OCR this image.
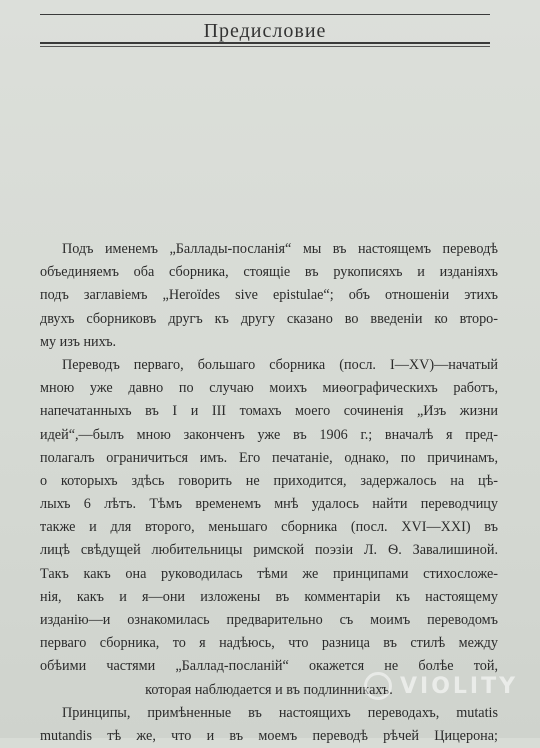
Предисловие
Подъ именемъ „Баллады-посланія“ мы въ настоящемъ переводѣ
объединяемъ оба сборника, стоящіе въ рукописяхъ и изданіяхъ
подъ заглавіемъ „Heroïdes sive epistulae“; объ отношеніи этихъ
двухъ сборниковъ другъ къ другу сказано во введеніи ко второ-
му изъ нихъ.
Переводъ перваго, большаго сборника (посл. I—XV)—начатый
мною уже давно по случаю моихъ миѳографическихъ работъ,
напечатанныхъ въ I и III томахъ моего сочиненія „Изъ жизни
идей“,—былъ мною законченъ уже въ 1906 г.; вначалѣ я пред-
полагалъ ограничиться имъ. Его печатаніе, однако, по причинамъ,
о которыхъ здѣсь говорить не приходится, задержалось на цѣ-
лыхъ 6 лѣтъ. Тѣмъ временемъ мнѣ удалось найти переводчицу
также и для второго, меньшаго сборника (посл. XVI—XXI) въ
лицѣ свѣдущей любительницы римской поэзіи Л. Ѳ. Завалишиной.
Такъ какъ она руководилась тѣми же принципами стихосложе-
нія, какъ и я—они изложены въ комментаріи къ настоящему
изданію—и ознакомилась предварительно съ моимъ переводомъ
перваго сборника, то я надѣюсь, что разница въ стилѣ между
обѣими частями „Баллад-посланій“ окажется не болѣе той,
которая наблюдается и въ подлинникахъ.
Принципы, примѣненные въ настоящихъ переводахъ, mutatis
mutandis тѣ же, что и въ моемъ переводѣ рѣчей Цицерона;
VIOLITY
